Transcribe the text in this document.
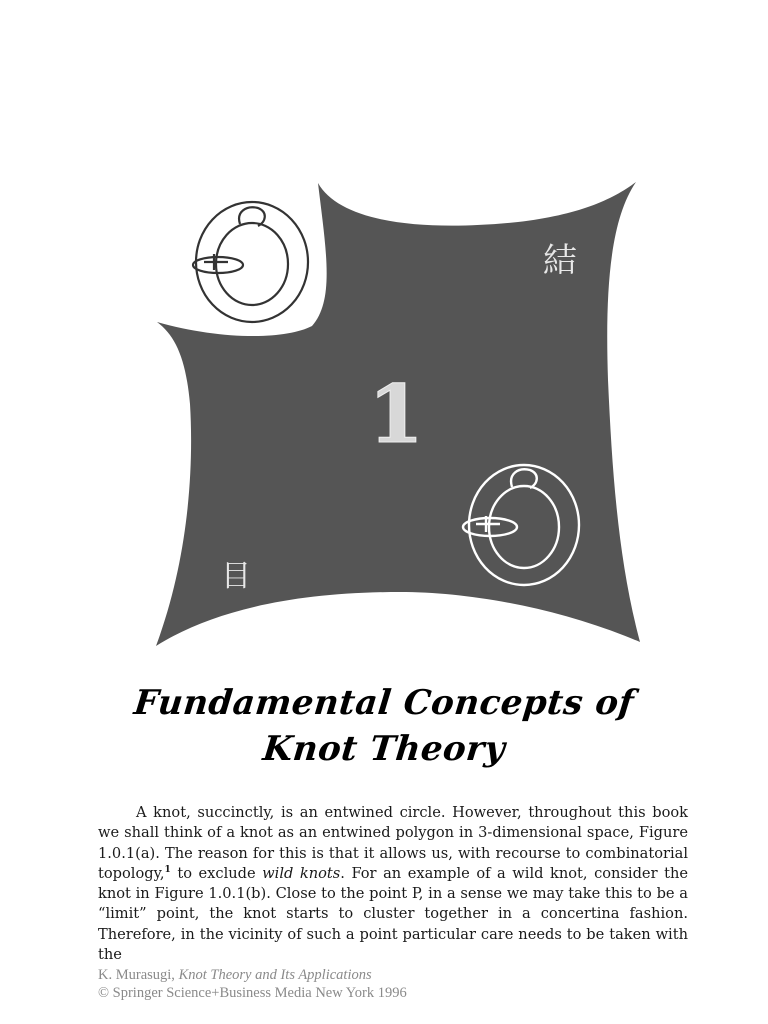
1
結
目
Fundamental Concepts of
Knot Theory

A knot, succinctly, is an entwined circle. However, throughout this book we shall think of a knot as an entwined polygon in 3-dimensional space, Figure 1.0.1(a). The reason for this is that it allows us, with recourse to combinatorial topology,$^1$ to exclude wild knots. For an example of a wild knot, consider the knot in Figure 1.0.1(b). Close to the point P, in a sense we may take this to be a “limit” point, the knot starts to cluster together in a concertina fashion. Therefore, in the vicinity of such a point particular care needs to be taken with the

K. Murasugi, Knot Theory and Its Applications
© Springer Science+Business Media New York 1996
